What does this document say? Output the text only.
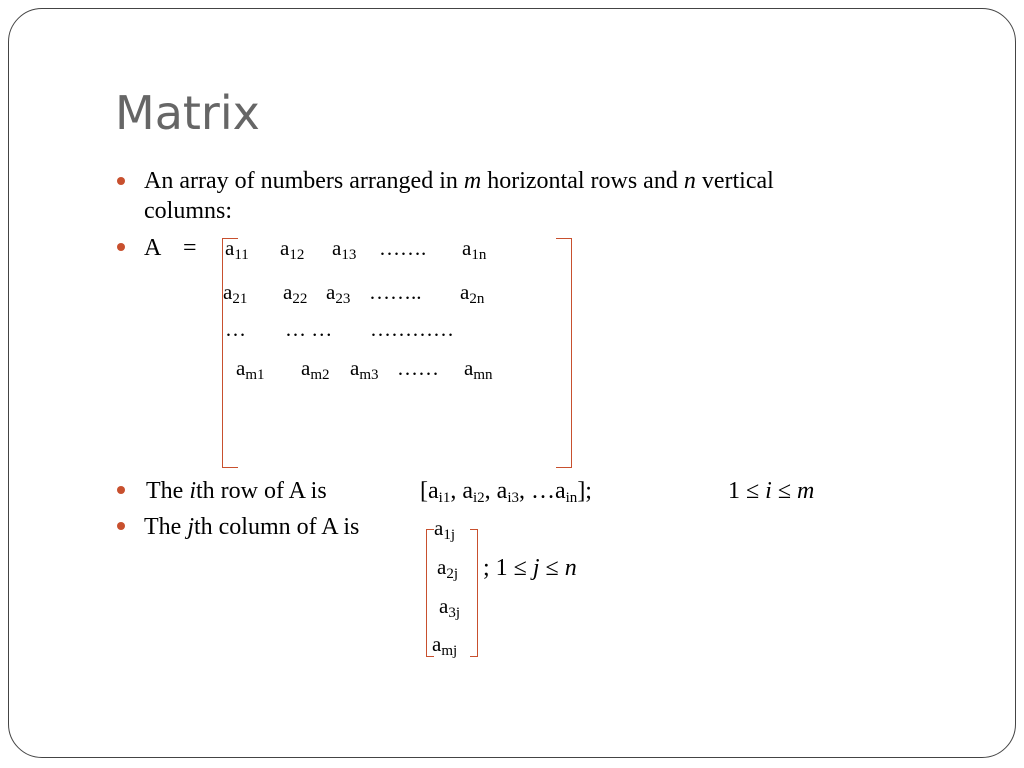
Matrix
An array of numbers arranged in m horizontal rows and n vertical
columns:
$A = a_{11}$ $a_{12}$ $a_{13}$ ……. $a_{1n}$
$a_{21}$ $a_{22}$ $a_{23}$ …….. $a_{2n}$
… … … …………
$a_{m1}$ $a_{m2}$ $a_{m3}$ …… $a_{mn}$
The ith row of A is	[$a_{i1}$, $a_{i2}$, $a_{i3}$, $\dots a_{in}$];	1 ≤ i ≤ m
The jth column of A is	$a_{1j}$
$a_{2j}$
$a_{3j}$
$a_{mj}$
; 1 ≤ j ≤ n
